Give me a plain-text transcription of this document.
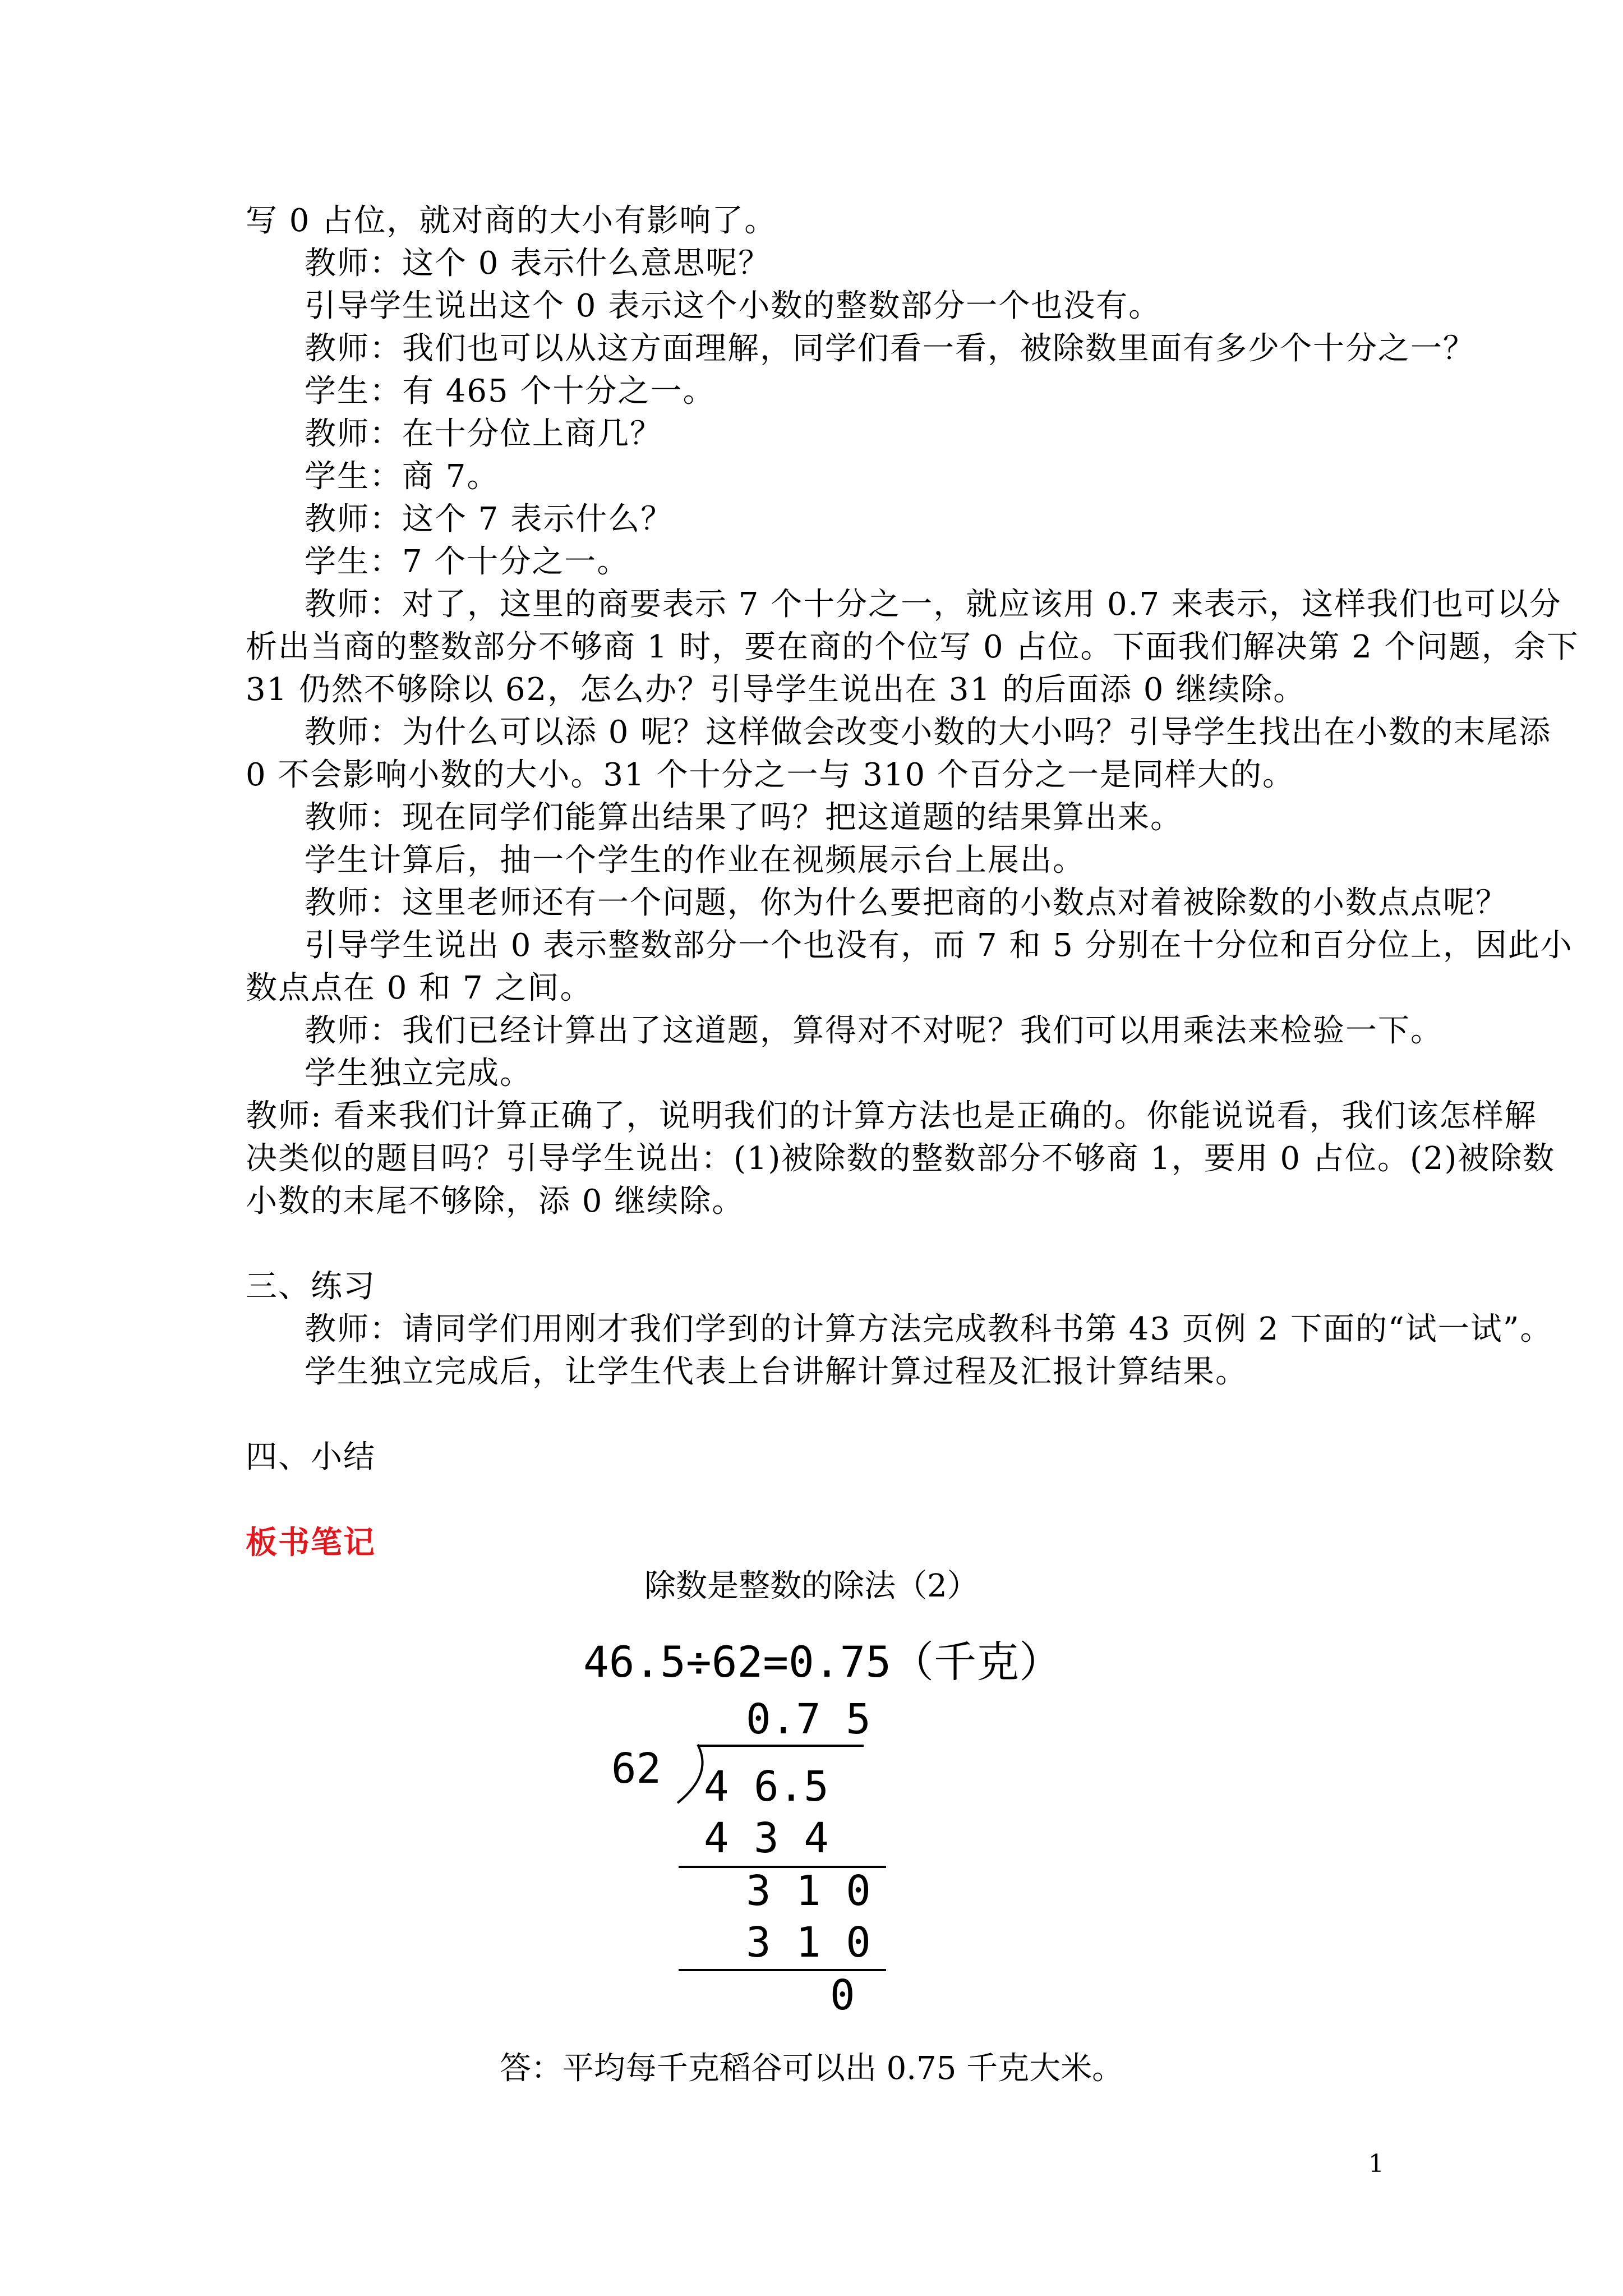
写 0 占位，就对商的大小有影响了。
教师：这个 0 表示什么意思呢？
引导学生说出这个 0 表示这个小数的整数部分一个也没有。
教师：我们也可以从这方面理解，同学们看一看，被除数里面有多少个十分之一？
学生：有 465 个十分之一。
教师：在十分位上商几？
学生：商 7。
教师：这个 7 表示什么？
学生：7 个十分之一。
教师：对了，这里的商要表示 7 个十分之一，就应该用 0.7 来表示，这样我们也可以分
析出当商的整数部分不够商 1 时，要在商的个位写 0 占位。下面我们解决第 2 个问题，余下
31 仍然不够除以 62，怎么办？引导学生说出在 31 的后面添 0 继续除。
教师：为什么可以添 0 呢？这样做会改变小数的大小吗？引导学生找出在小数的末尾添
0 不会影响小数的大小。31 个十分之一与 310 个百分之一是同样大的。
教师：现在同学们能算出结果了吗？把这道题的结果算出来。
学生计算后，抽一个学生的作业在视频展示台上展出。
教师：这里老师还有一个问题，你为什么要把商的小数点对着被除数的小数点点呢？
引导学生说出 0 表示整数部分一个也没有，而 7 和 5 分别在十分位和百分位上，因此小
数点点在 0 和 7 之间。
教师：我们已经计算出了这道题，算得对不对呢？我们可以用乘法来检验一下。
学生独立完成。
教师: 看来我们计算正确了，说明我们的计算方法也是正确的。你能说说看，我们该怎样解
决类似的题目吗？引导学生说出：(1)被除数的整数部分不够商 1，要用 0 占位。(2)被除数
小数的末尾不够除，添 0 继续除。
三、练习
教师：请同学们用刚才我们学到的计算方法完成教科书第 43 页例 2 下面的“试一试”。
学生独立完成后，让学生代表上台讲解计算过程及汇报计算结果。
四、小结
板书笔记
除数是整数的除法（2）
46.5÷62=0.75（千克）
0.7 5
62 4 6.5
4 3 4
3 1 0
3 1 0
0
答：平均每千克稻谷可以出 0.75 千克大米。
1
